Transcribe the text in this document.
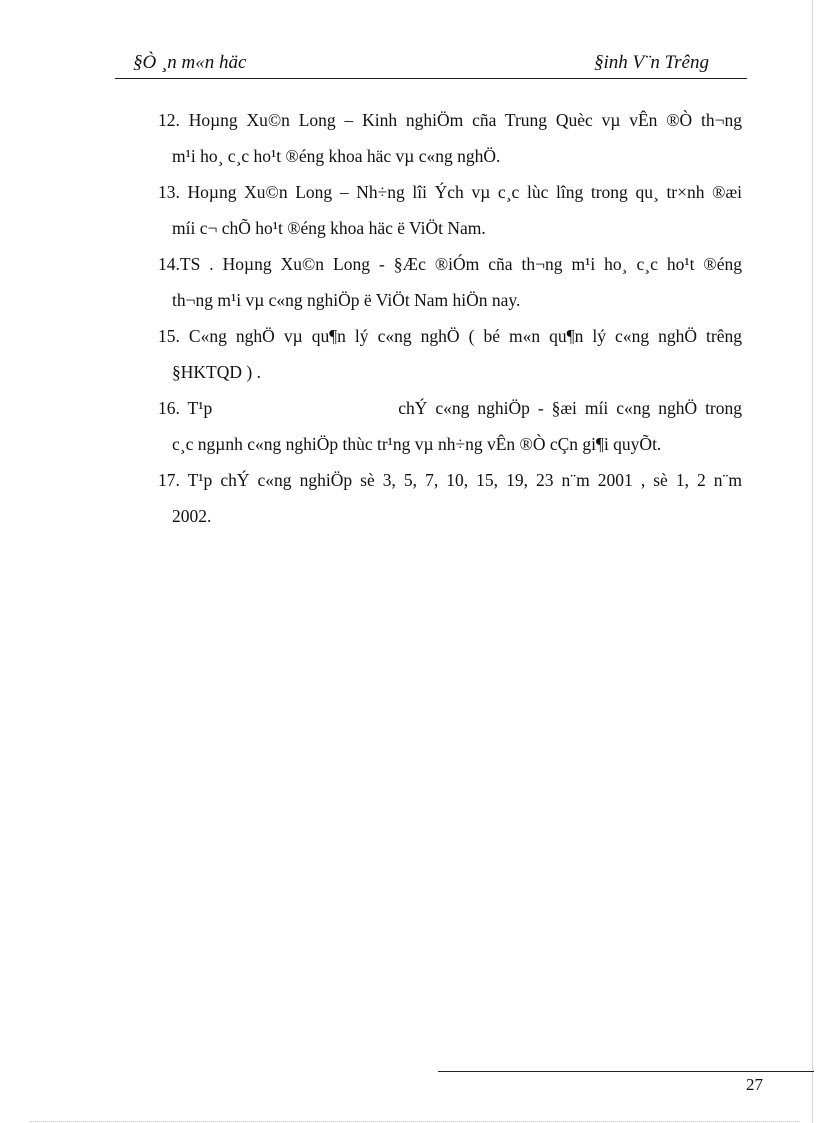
§Ò ¸n m«n häc	§inh V¨n Trêng
12. Hoµng Xu©n Long – Kinh nghiÖm cña Trung Quèc vµ vÊn ®Ò th¬ng
m¹i ho¸ c¸c ho¹t ®éng khoa häc vµ c«ng nghÖ.
13. Hoµng Xu©n Long – Nh÷ng lîi Ých vµ c¸c lùc lîng trong qu¸ tr×nh ®æi
míi c¬ chÕ ho¹t ®éng khoa häc ë ViÖt Nam.
14.TS . Hoµng Xu©n Long - §Æc ®iÓm cña th¬ng m¹i ho¸ c¸c ho¹t ®éng
th¬ng m¹i vµ c«ng nghiÖp ë ViÖt Nam hiÖn nay.
15. C«ng nghÖ vµ qu¶n lý c«ng nghÖ ( bé m«n qu¶n lý c«ng nghÖ trêng
§HKTQD ) .
16. T¹p	chÝ c«ng nghiÖp - §æi míi c«ng nghÖ trong
c¸c ngµnh c«ng nghiÖp thùc tr¹ng vµ nh÷ng vÊn ®Ò cÇn gi¶i quyÕt.
17. T¹p chÝ c«ng nghiÖp sè 3, 5, 7, 10, 15, 19, 23 n¨m 2001 , sè 1, 2 n¨m
2002.
27
